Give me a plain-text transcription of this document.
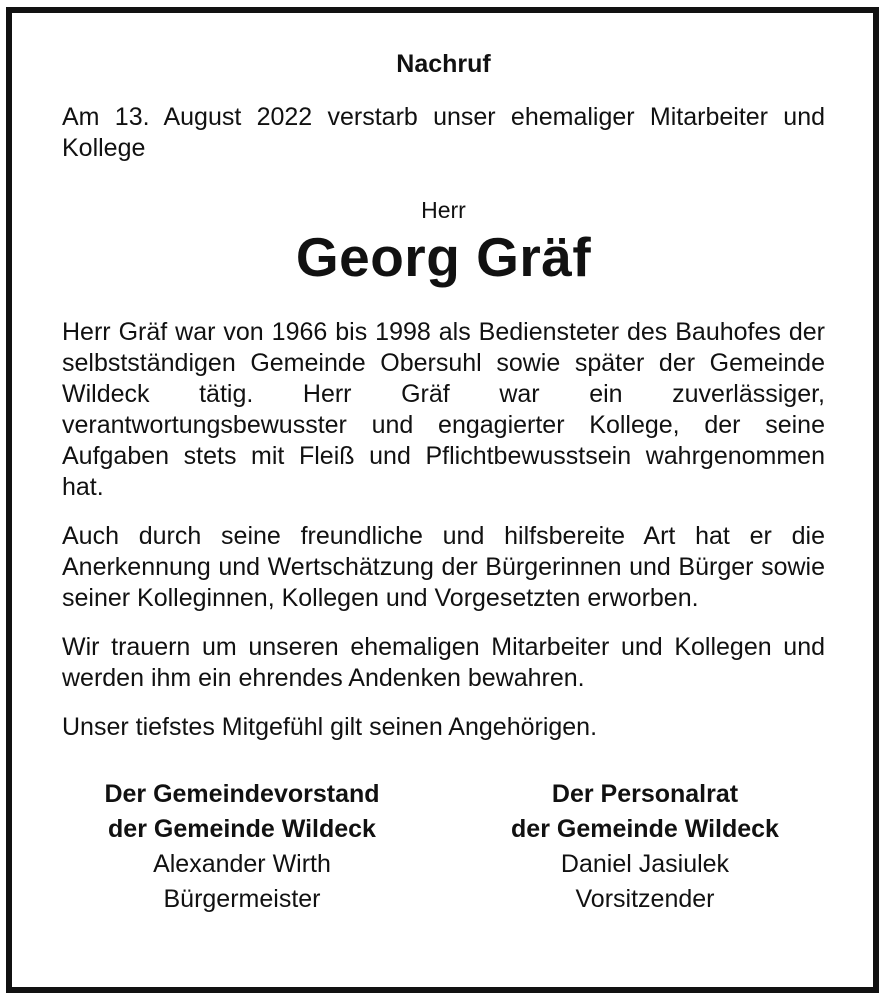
Nachruf

Am 13. August 2022 verstarb unser ehemaliger Mitarbeiter und Kollege

Herr
Georg Gräf

Herr Gräf war von 1966 bis 1998 als Bediensteter des Bauhofes der selbstständigen Gemeinde Obersuhl sowie später der Gemeinde Wildeck tätig. Herr Gräf war ein zuverlässiger, verantwortungsbewusster und engagierter Kollege, der seine Aufgaben stets mit Fleiß und Pflichtbewusstsein wahrgenommen hat.

Auch durch seine freundliche und hilfsbereite Art hat er die Anerkennung und Wertschätzung der Bürgerinnen und Bürger sowie seiner Kolleginnen, Kollegen und Vorgesetzten erworben.

Wir trauern um unseren ehemaligen Mitarbeiter und Kollegen und werden ihm ein ehrendes Andenken bewahren.

Unser tiefstes Mitgefühl gilt seinen Angehörigen.

Der Gemeindevorstand
der Gemeinde Wildeck
Alexander Wirth
Bürgermeister
Der Personalrat
der Gemeinde Wildeck
Daniel Jasiulek
Vorsitzender
